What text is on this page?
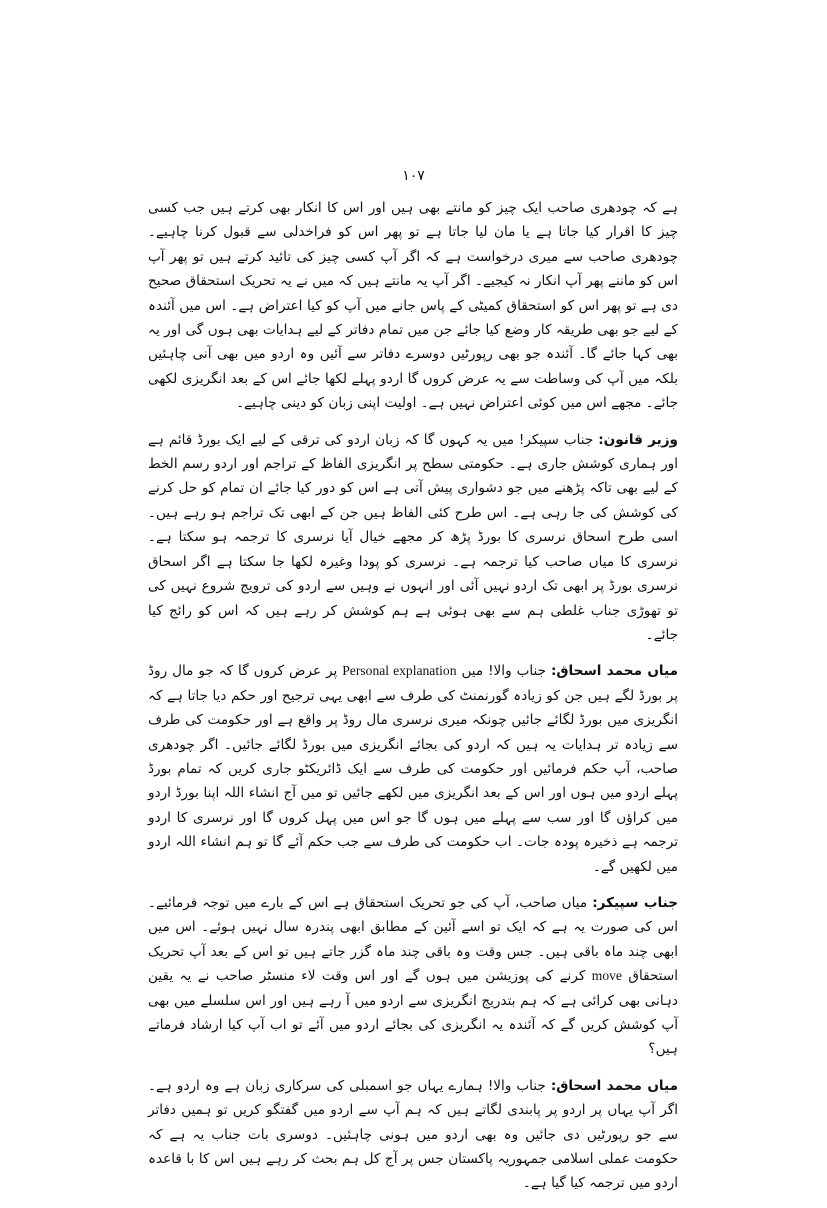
۱۰۷

ہے کہ چودھری صاحب ایک چیز کو مانتے بھی ہیں اور اس کا انکار بھی کرتے ہیں جب کسی چیز کا اقرار کیا جاتا ہے یا مان لیا جاتا ہے تو پھر اس کو فراخدلی سے قبول کرنا چاہیے۔ چودھری صاحب سے میری درخواست ہے کہ اگر آپ کسی چیز کی تائید کرتے ہیں تو پھر آپ اس کو ماننے پھر آپ انکار نہ کیجیے۔ اگر آپ یہ مانتے ہیں کہ میں نے یہ تحریک استحقاق صحیح دی ہے تو پھر اس کو استحقاق کمیٹی کے پاس جانے میں آپ کو کیا اعتراض ہے۔ اس میں آئندہ کے لیے جو بھی طریقہ کار وضع کیا جائے جن میں تمام دفاتر کے لیے ہدایات بھی ہوں گی اور یہ بھی کہا جائے گا۔ آئندہ جو بھی رپورٹیں دوسرے دفاتر سے آئیں وہ اردو میں بھی آنی چاہئیں بلکہ میں آپ کی وساطت سے یہ عرض کروں گا اردو پہلے لکھا جائے اس کے بعد انگریزی لکھی جائے۔ مجھے اس میں کوئی اعتراض نہیں ہے۔ اولیت اپنی زبان کو دینی چاہیے۔

وزیر قانون: جناب سپیکر! میں یہ کہوں گا کہ زبان اردو کی ترقی کے لیے ایک بورڈ قائم ہے اور ہماری کوشش جاری ہے۔ حکومتی سطح پر انگریزی الفاظ کے تراجم اور اردو رسم الخط کے لیے بھی تاکہ پڑھنے میں جو دشواری پیش آتی ہے اس کو دور کیا جائے ان تمام کو حل کرنے کی کوشش کی جا رہی ہے۔ اس طرح کئی الفاظ ہیں جن کے ابھی تک تراجم ہو رہے ہیں۔ اسی طرح اسحاق نرسری کا بورڈ پڑھ کر مجھے خیال آیا نرسری کا ترجمہ ہو سکتا ہے۔ نرسری کا میاں صاحب کیا ترجمہ ہے۔ نرسری کو پودا وغیرہ لکھا جا سکتا ہے اگر اسحاق نرسری بورڈ پر ابھی تک اردو نہیں آئی اور انہوں نے وہیں سے اردو کی ترویج شروع نہیں کی تو تھوڑی جناب غلطی ہم سے بھی ہوئی ہے ہم کوشش کر رہے ہیں کہ اس کو رائج کیا جائے۔

میاں محمد اسحاق: جناب والا! میں Personal explanation پر عرض کروں گا کہ جو مال روڈ پر بورڈ لگے ہیں جن کو زیادہ گورنمنٹ کی طرف سے ابھی یہی ترجیح اور حکم دیا جاتا ہے کہ انگریزی میں بورڈ لگائے جائیں چونکہ میری نرسری مال روڈ پر واقع ہے اور حکومت کی طرف سے زیادہ تر ہدایات یہ ہیں کہ اردو کی بجائے انگریزی میں بورڈ لگائے جائیں۔ اگر چودھری صاحب، آپ حکم فرمائیں اور حکومت کی طرف سے ایک ڈائریکٹو جاری کریں کہ تمام بورڈ پہلے اردو میں ہوں اور اس کے بعد انگریزی میں لکھے جائیں تو میں آج انشاء اللہ اپنا بورڈ اردو میں کراؤں گا اور سب سے پہلے میں ہوں گا جو اس میں پہل کروں گا اور نرسری کا اردو ترجمہ ہے ذخیرہ پودہ جات۔ اب حکومت کی طرف سے جب حکم آئے گا تو ہم انشاء اللہ اردو میں لکھیں گے۔

جناب سپیکر: میاں صاحب، آپ کی جو تحریک استحقاق ہے اس کے بارے میں توجہ فرمائیے۔ اس کی صورت یہ ہے کہ ایک تو اسے آئین کے مطابق ابھی پندرہ سال نہیں ہوئے۔ اس میں ابھی چند ماہ باقی ہیں۔ جس وقت وہ باقی چند ماہ گزر جاتے ہیں تو اس کے بعد آپ تحریک استحقاق move کرنے کی پوزیشن میں ہوں گے اور اس وقت لاء منسٹر صاحب نے یہ یقین دہانی بھی کرائی ہے کہ ہم بتدریج انگریزی سے اردو میں آ رہے ہیں اور اس سلسلے میں بھی آپ کوشش کریں گے کہ آئندہ یہ انگریزی کی بجائے اردو میں آئے تو اب آپ کیا ارشاد فرماتے ہیں؟

میاں محمد اسحاق: جناب والا! ہمارے یہاں جو اسمبلی کی سرکاری زبان ہے وہ اردو ہے۔ اگر آپ یہاں پر اردو پر پابندی لگاتے ہیں کہ ہم آپ سے اردو میں گفتگو کریں تو ہمیں دفاتر سے جو رپورٹیں دی جائیں وہ بھی اردو میں ہونی چاہئیں۔ دوسری بات جناب یہ ہے کہ حکومت عملی اسلامی جمہوریہ پاکستان جس پر آج کل ہم بحث کر رہے ہیں اس کا با قاعدہ اردو میں ترجمہ کیا گیا ہے۔
